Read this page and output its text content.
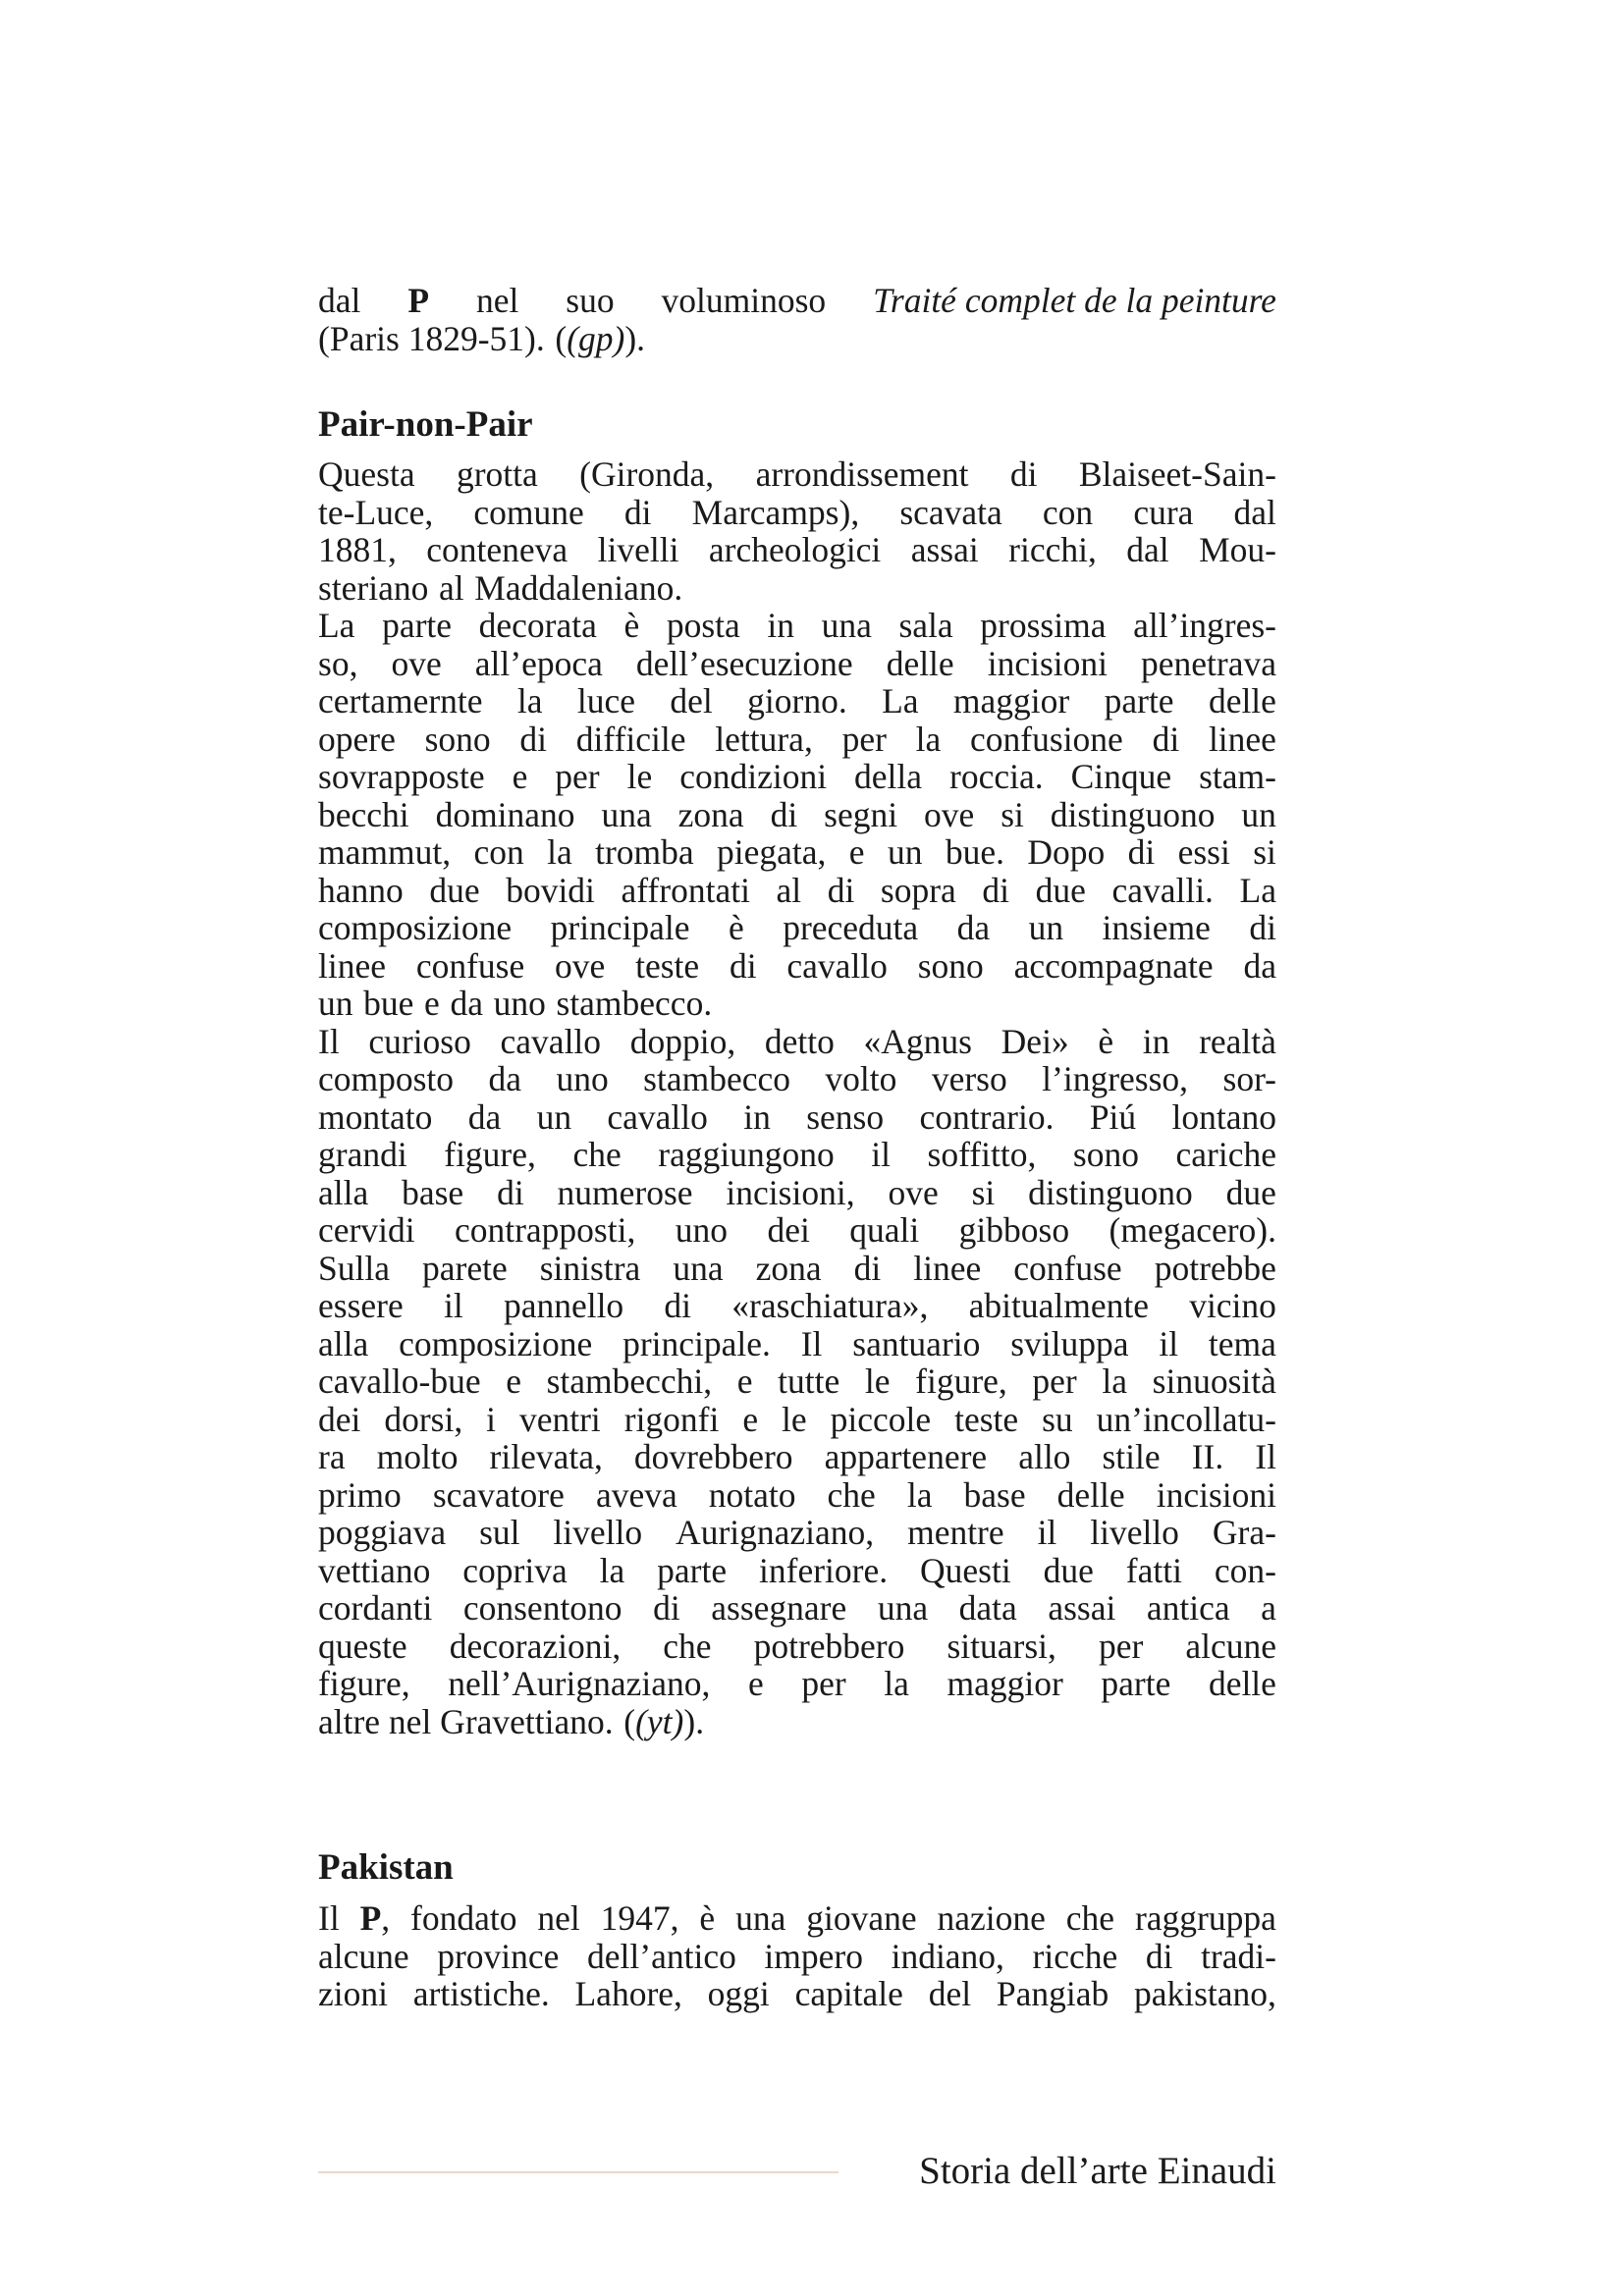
dal P nel suo voluminoso Traité complet de la peinture
(Paris 1829-51). ( (gp) ) .
Pair-non-Pair
Questa grotta (Gironda, arrondissement di Blaiseet-Sain-
te-Luce, comune di Marcamps), scavata con cura dal
1881, conteneva livelli archeologici assai ricchi, dal Mou-
steriano al Maddaleniano.
La parte decorata è posta in una sala prossima all’ingres-
so, ove all’epoca dell’esecuzione delle incisioni penetrava
certamernte la luce del giorno. La maggior parte delle
opere sono di difficile lettura, per la confusione di linee
sovrapposte e per le condizioni della roccia. Cinque stam-
becchi dominano una zona di segni ove si distinguono un
mammut, con la tromba piegata, e un bue. Dopo di essi si
hanno due bovidi affrontati al di sopra di due cavalli. La
composizione principale è preceduta da un insieme di
linee confuse ove teste di cavallo sono accompagnate da
un bue e da uno stambecco.
Il curioso cavallo doppio, detto «Agnus Dei» è in realtà
composto da uno stambecco volto verso l’ingresso, sor-
montato da un cavallo in senso contrario. Piú lontano
grandi figure, che raggiungono il soffitto, sono cariche
alla base di numerose incisioni, ove si distinguono due
cervidi contrapposti, uno dei quali gibboso (megacero).
Sulla parete sinistra una zona di linee confuse potrebbe
essere il pannello di «raschiatura», abitualmente vicino
alla composizione principale. Il santuario sviluppa il tema
cavallo-bue e stambecchi, e tutte le figure, per la sinuosità
dei dorsi, i ventri rigonfi e le piccole teste su un’incollatu-
ra molto rilevata, dovrebbero appartenere allo stile II. Il
primo scavatore aveva notato che la base delle incisioni
poggiava sul livello Aurignaziano, mentre il livello Gra-
vettiano copriva la parte inferiore. Questi due fatti con-
cordanti consentono di assegnare una data assai antica a
queste decorazioni, che potrebbero situarsi, per alcune
figure, nell’Aurignaziano, e per la maggior parte delle
altre nel Gravettiano. ( (yt) ) .
Pakistan
Il P, fondato nel 1947, è una giovane nazione che raggruppa
alcune province dell’antico impero indiano, ricche di tradi-
zioni artistiche. Lahore, oggi capitale del Pangiab pakistano,
Storia dell’arte Einaudi
